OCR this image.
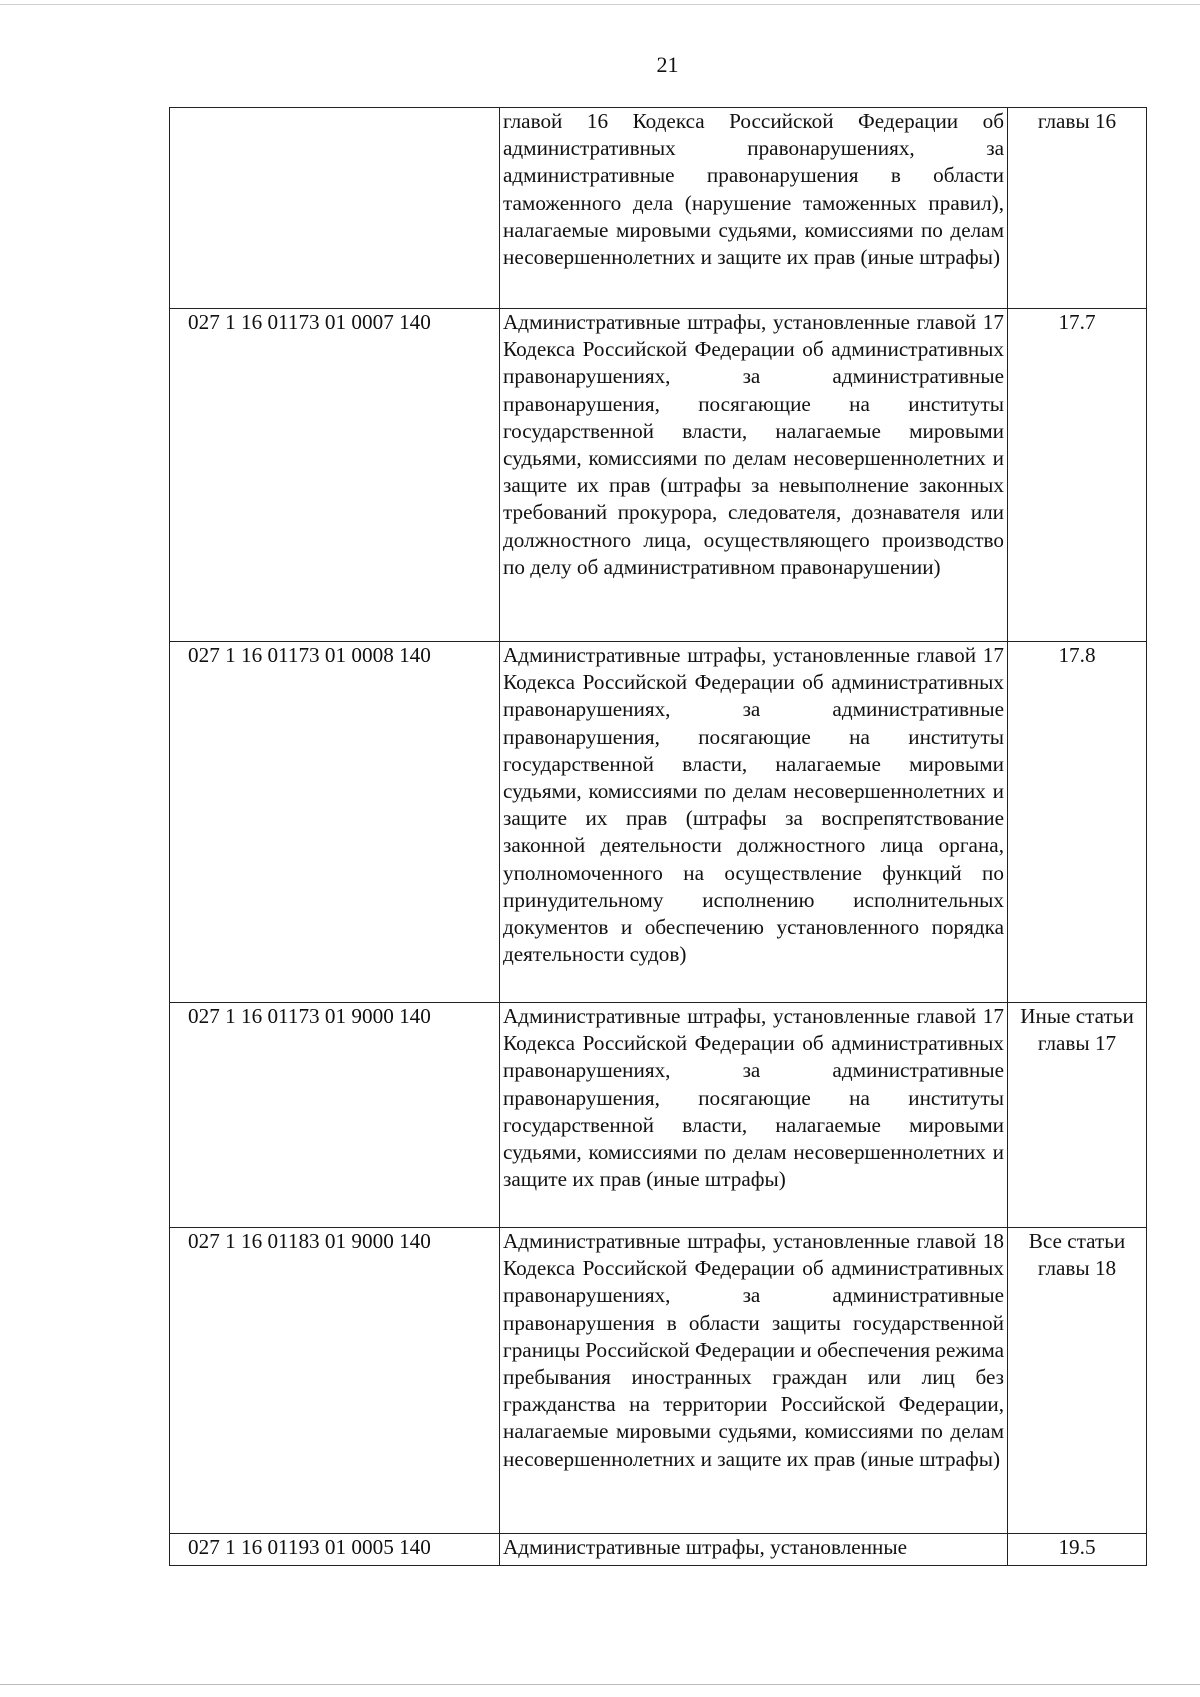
21
	главой 16 Кодекса Российской Федерации об административных правонарушениях, за административные правонарушения в области таможенного дела (нарушение таможенных правил), налагаемые мировыми судьями, комиссиями по делам несовершеннолетних и защите их прав (иные штрафы)	главы 16
027 1 16 01173 01 0007 140	Административные штрафы, установленные главой 17 Кодекса Российской Федерации об административных правонарушениях, за административные правонарушения, посягающие на институты государственной власти, налагаемые мировыми судьями, комиссиями по делам несовершеннолетних и защите их прав (штрафы за невыполнение законных требований прокурора, следователя, дознавателя или должностного лица, осуществляющего производство по делу об административном правонарушении)	17.7
027 1 16 01173 01 0008 140	Административные штрафы, установленные главой 17 Кодекса Российской Федерации об административных правонарушениях, за административные правонарушения, посягающие на институты государственной власти, налагаемые мировыми судьями, комиссиями по делам несовершеннолетних и защите их прав (штрафы за воспрепятствование законной деятельности должностного лица органа, уполномоченного на осуществление функций по принудительному исполнению исполнительных документов и обеспечению установленного порядка деятельности судов)	17.8
027 1 16 01173 01 9000 140	Административные штрафы, установленные главой 17 Кодекса Российской Федерации об административных правонарушениях, за административные правонарушения, посягающие на институты государственной власти, налагаемые мировыми судьями, комиссиями по делам несовершеннолетних и защите их прав (иные штрафы)	Иные статьи главы 17
027 1 16 01183 01 9000 140	Административные штрафы, установленные главой 18 Кодекса Российской Федерации об административных правонарушениях, за административные правонарушения в области защиты государственной границы Российской Федерации и обеспечения режима пребывания иностранных граждан или лиц без гражданства на территории Российской Федерации, налагаемые мировыми судьями, комиссиями по делам несовершеннолетних и защите их прав (иные штрафы)	Все статьи главы 18
027 1 16 01193 01 0005 140	Административные штрафы, установленные	19.5
